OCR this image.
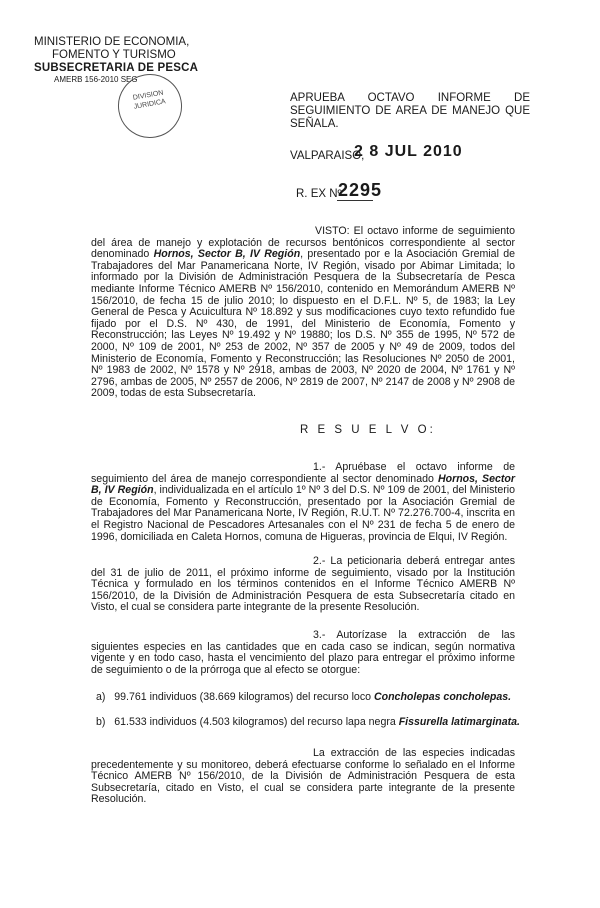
MINISTERIO DE ECONOMIA,
FOMENTO Y TURISMO
SUBSECRETARIA DE PESCA
AMERB 156-2010 SEG
DIVISION JURIDICA
APRUEBA OCTAVO INFORME DE SEGUIMIENTO DE AREA DE MANEJO QUE SEÑALA.
VALPARAISO,
2 8 JUL 2010
R. EX Nº
2295
VISTO: El octavo informe de seguimiento del área de manejo y explotación de recursos bentónicos correspondiente al sector denominado Hornos, Sector B, IV Región, presentado por e la Asociación Gremial de Trabajadores del Mar Panamericana Norte, IV Región, visado por Abimar Limitada; lo informado por la División de Administración Pesquera de la Subsecretaría de Pesca mediante Informe Técnico AMERB Nº 156/2010, contenido en Memorándum AMERB Nº 156/2010, de fecha 15 de julio 2010; lo dispuesto en el D.F.L. Nº 5, de 1983; la Ley General de Pesca y Acuicultura Nº 18.892 y sus modificaciones cuyo texto refundido fue fijado por el D.S. Nº 430, de 1991, del Ministerio de Economía, Fomento y Reconstrucción; las Leyes Nº 19.492 y Nº 19880; los D.S. Nº 355 de 1995, Nº 572 de 2000, Nº 109 de 2001, Nº 253 de 2002, Nº 357 de 2005 y Nº 49 de 2009, todos del Ministerio de Economía, Fomento y Reconstrucción; las Resoluciones Nº 2050 de 2001, Nº 1983 de 2002, Nº 1578 y Nº 2918, ambas de 2003, Nº 2020 de 2004, Nº 1761 y Nº 2796, ambas de 2005, Nº 2557 de 2006, Nº 2819 de 2007, Nº 2147 de 2008 y Nº 2908 de 2009, todas de esta Subsecretaría.
R E S U E L V O:
1.- Apruébase el octavo informe de seguimiento del área de manejo correspondiente al sector denominado Hornos, Sector B, IV Región, individualizada en el artículo 1º Nº 3 del D.S. Nº 109 de 2001, del Ministerio de Economía, Fomento y Reconstrucción, presentado por la Asociación Gremial de Trabajadores del Mar Panamericana Norte, IV Región, R.U.T. Nº 72.276.700-4, inscrita en el Registro Nacional de Pescadores Artesanales con el Nº 231 de fecha 5 de enero de 1996, domiciliada en Caleta Hornos, comuna de Higueras, provincia de Elqui, IV Región.
2.- La peticionaria deberá entregar antes del 31 de julio de 2011, el próximo informe de seguimiento, visado por la Institución Técnica y formulado en los términos contenidos en el Informe Técnico AMERB Nº 156/2010, de la División de Administración Pesquera de esta Subsecretaría citado en Visto, el cual se considera parte integrante de la presente Resolución.
3.- Autorízase la extracción de las siguientes especies en las cantidades que en cada caso se indican, según normativa vigente y en todo caso, hasta el vencimiento del plazo para entregar el próximo informe de seguimiento o de la prórroga que al efecto se otorgue:
a) 99.761 individuos (38.669 kilogramos) del recurso loco Concholepas concholepas.
b) 61.533 individuos (4.503 kilogramos) del recurso lapa negra Fissurella latimarginata.
La extracción de las especies indicadas precedentemente y su monitoreo, deberá efectuarse conforme lo señalado en el Informe Técnico AMERB Nº 156/2010, de la División de Administración Pesquera de esta Subsecretaría, citado en Visto, el cual se considera parte integrante de la presente Resolución.
